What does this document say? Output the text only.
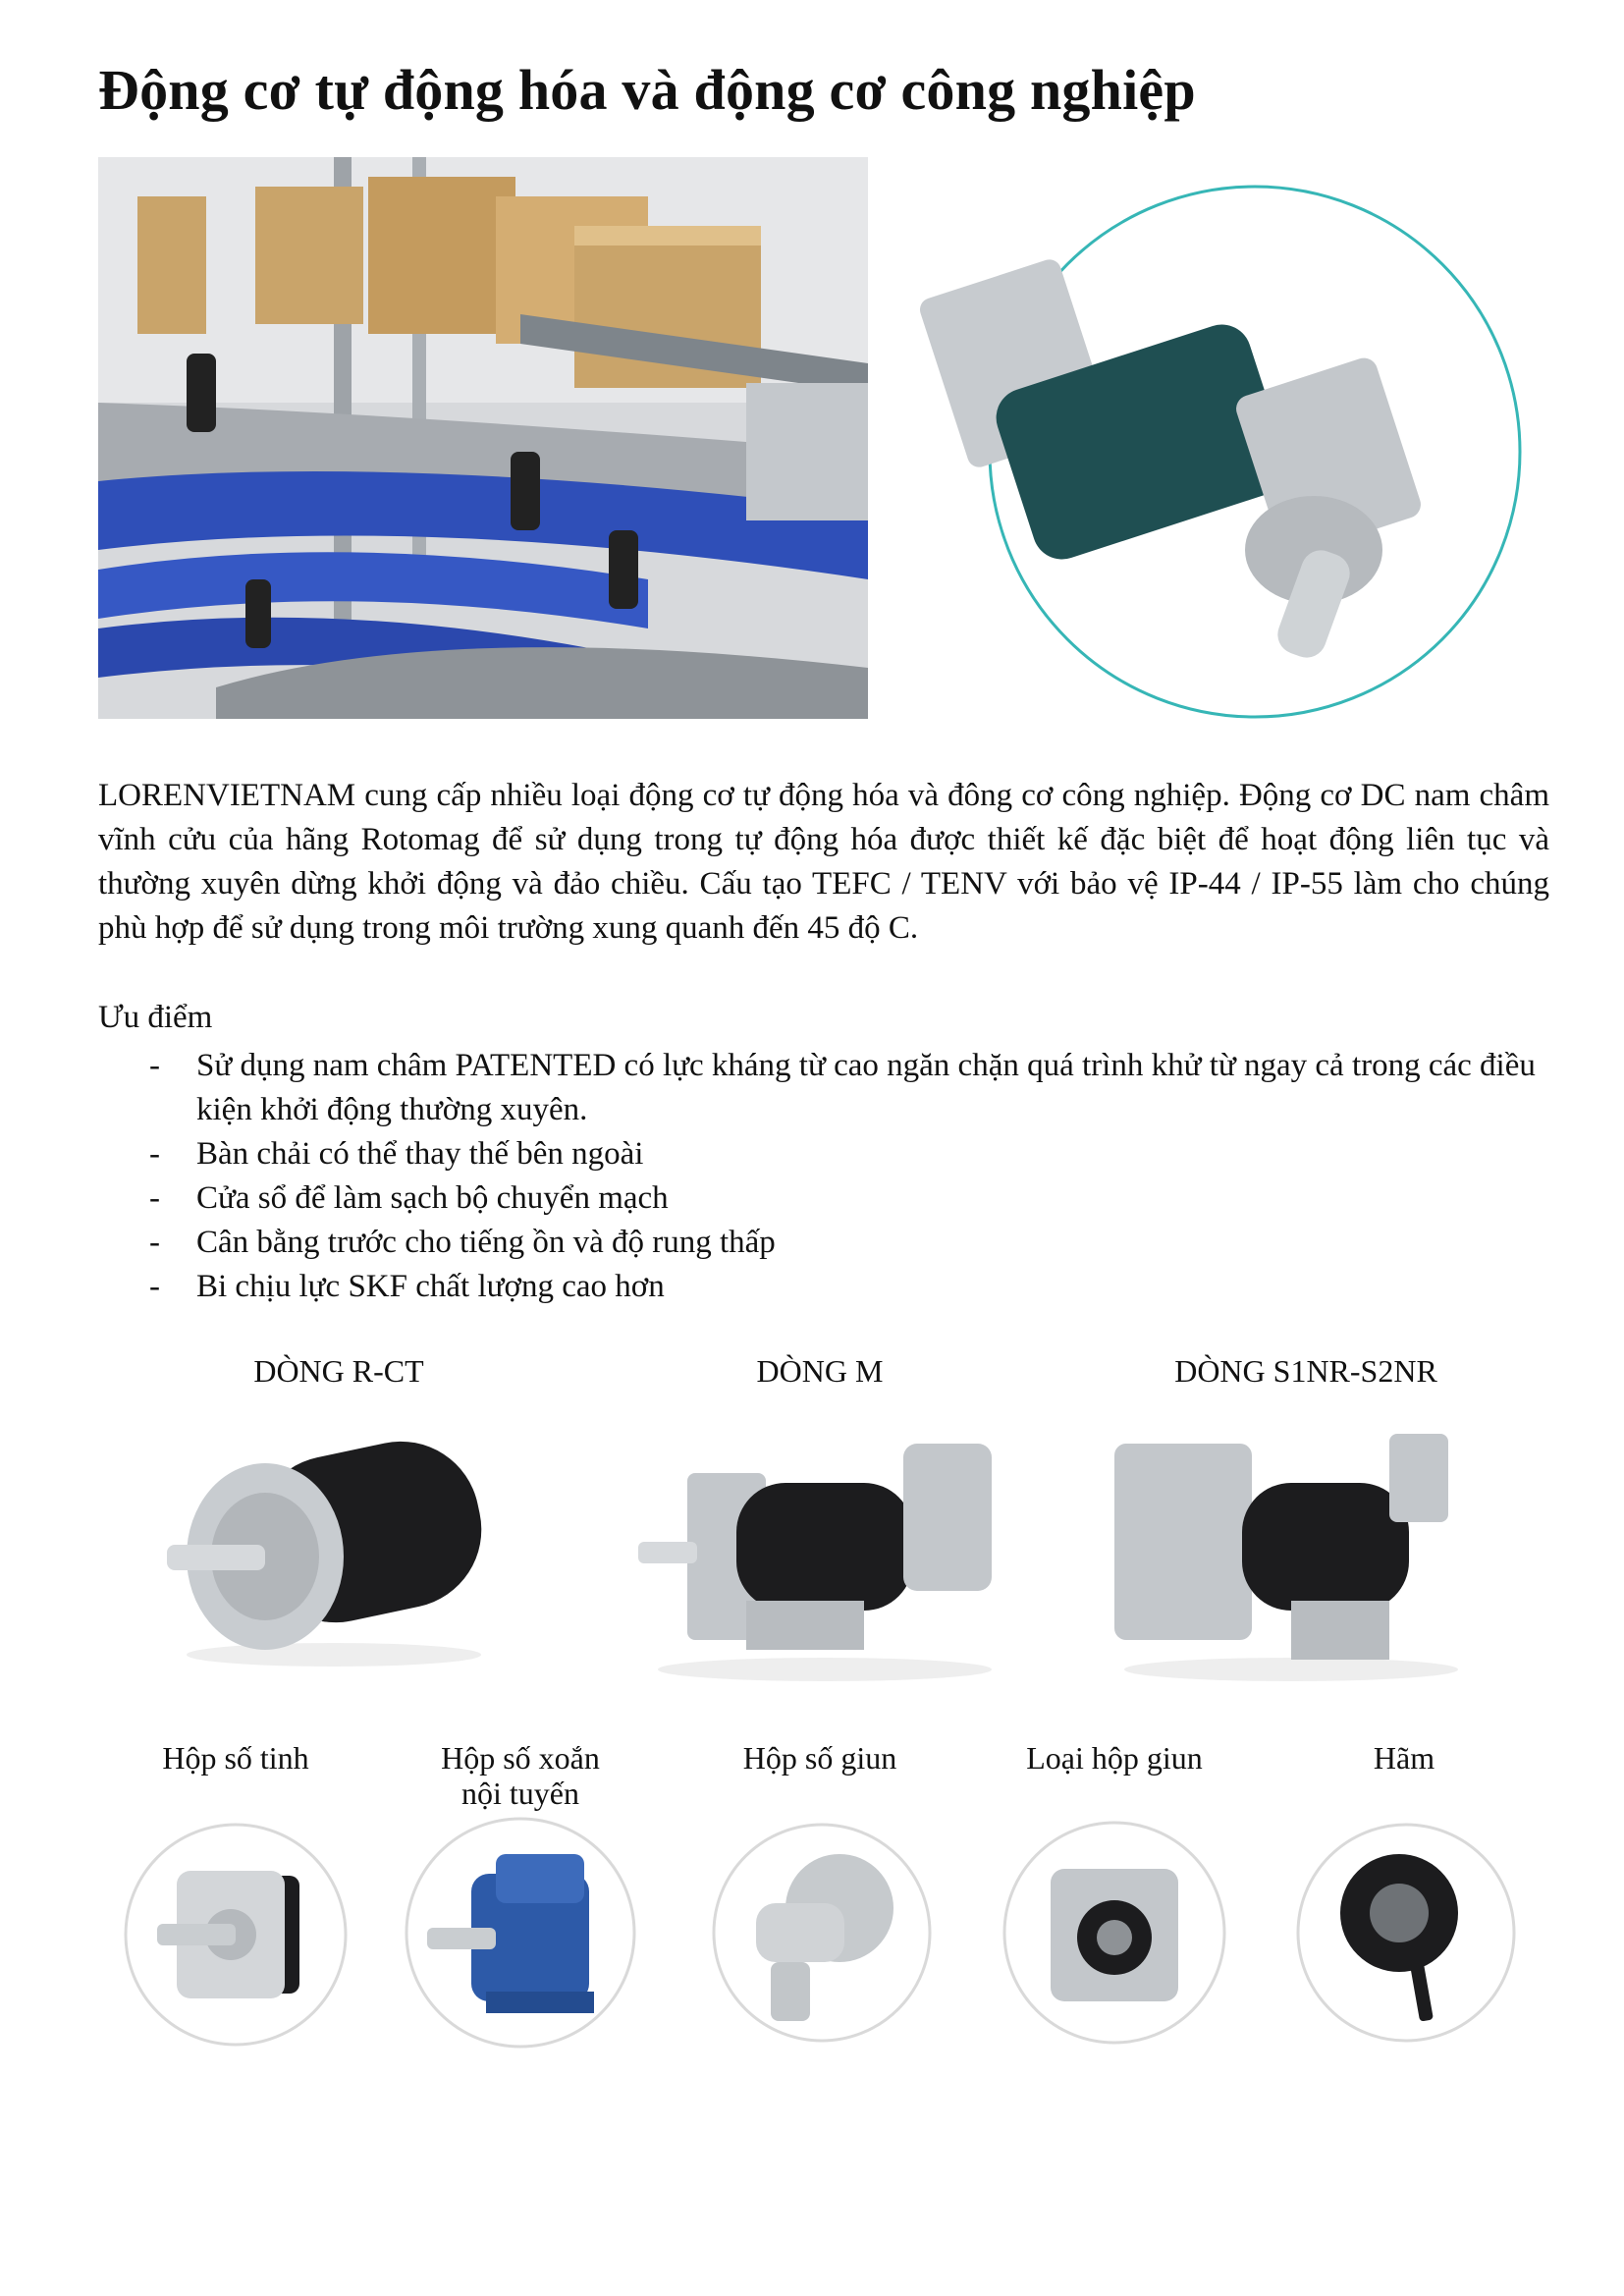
Động cơ tự động hóa và động cơ công nghiệp

LORENVIETNAM cung cấp nhiều loại động cơ tự động hóa và đông cơ công nghiệp. Động cơ DC nam châm vĩnh cửu của hãng Rotomag để sử dụng trong tự động hóa được thiết kế đặc biệt để hoạt động liên tục và thường xuyên dừng khởi động và đảo chiều. Cấu tạo TEFC / TENV với bảo vệ IP-44 / IP-55 làm cho chúng phù hợp để sử dụng trong môi trường xung quanh đến 45 độ C.

Ưu điểm

- Sử dụng nam châm PATENTED có lực kháng từ cao ngăn chặn quá trình khử từ ngay cả trong các điều kiện khởi động thường xuyên.
- Bàn chải có thể thay thế bên ngoài
- Cửa sổ để làm sạch bộ chuyển mạch
- Cân bằng trước cho tiếng ồn và độ rung thấp
- Bi chịu lực SKF chất lượng cao hơn

DÒNG R-CT	DÒNG M	DÒNG S1NR-S2NR

Hộp số tinh	Hộp số xoắn nội tuyến

Hộp số giun	Loại hộp giun	Hãm
